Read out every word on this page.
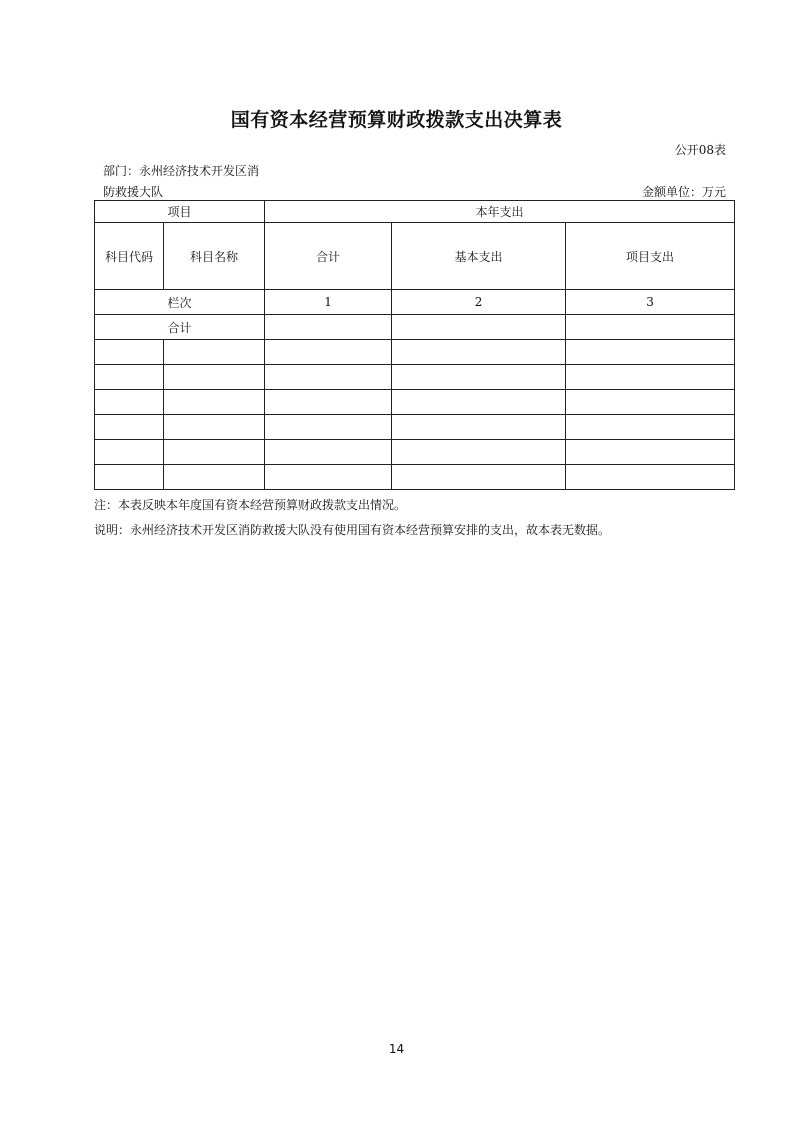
国有资本经营预算财政拨款支出决算表
公开08表
部门：永州经济技术开发区消
防救援大队	金额单位：万元
项目		本年支出		
科目代码	科目名称	合计	基本支出	项目支出
栏次		1	2	3
合计				

注：本表反映本年度国有资本经营预算财政拨款支出情况。
说明：永州经济技术开发区消防救援大队没有使用国有资本经营预算安排的支出，故本表无数据。
14
